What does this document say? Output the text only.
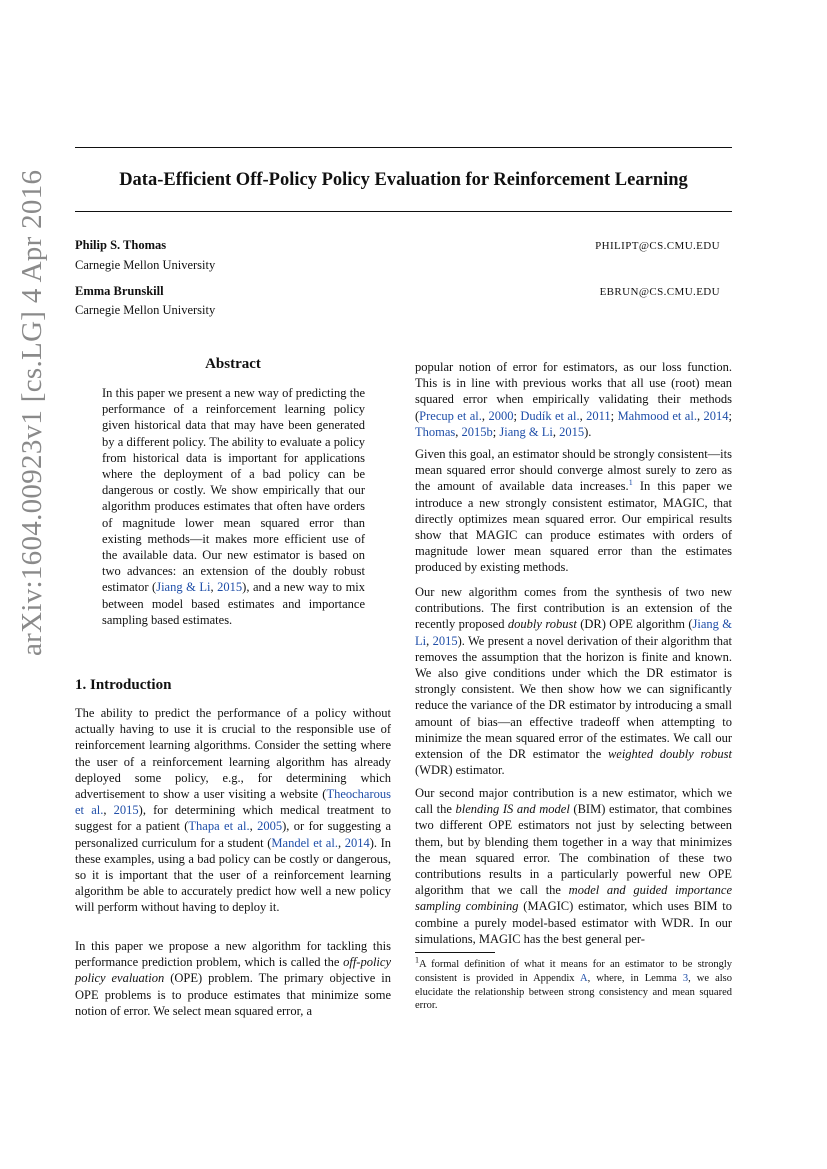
arXiv:1604.00923v1 [cs.LG] 4 Apr 2016	Data-Efficient Off-Policy Policy Evaluation for Reinforcement Learning
Philip S. Thomas
Carnegie Mellon University
PHILIPT@CS.CMU.EDU
Emma Brunskill
Carnegie Mellon University
EBRUN@CS.CMU.EDU
Abstract

In this paper we present a new way of predicting the performance of a reinforcement learning policy given historical data that may have been generated by a different policy. The ability to evaluate a policy from historical data is important for applications where the deployment of a bad policy can be dangerous or costly. We show empirically that our algorithm produces estimates that often have orders of magnitude lower mean squared error than existing methods—it makes more efficient use of the available data. Our new estimator is based on two advances: an extension of the doubly robust estimator (Jiang & Li, 2015), and a new way to mix between model based estimates and importance sampling based estimates.

1. Introduction

The ability to predict the performance of a policy without actually having to use it is crucial to the responsible use of reinforcement learning algorithms. Consider the setting where the user of a reinforcement learning algorithm has already deployed some policy, e.g., for determining which advertisement to show a user visiting a website (Theocharous et al., 2015), for determining which medical treatment to suggest for a patient (Thapa et al., 2005), or for suggesting a personalized curriculum for a student (Mandel et al., 2014). In these examples, using a bad policy can be costly or dangerous, so it is important that the user of a reinforcement learning algorithm be able to accurately predict how well a new policy will perform without having to deploy it.

In this paper we propose a new algorithm for tackling this performance prediction problem, which is called the off-policy policy evaluation (OPE) problem. The primary objective in OPE problems is to produce estimates that minimize some notion of error. We select mean squared error, a

popular notion of error for estimators, as our loss function. This is in line with previous works that all use (root) mean squared error when empirically validating their methods (Precup et al., 2000; Dudík et al., 2011; Mahmood et al., 2014; Thomas, 2015b; Jiang & Li, 2015).

Given this goal, an estimator should be strongly consistent—its mean squared error should converge almost surely to zero as the amount of available data increases.$^1$ In this paper we introduce a new strongly consistent estimator, MAGIC, that directly optimizes mean squared error. Our empirical results show that MAGIC can produce estimates with orders of magnitude lower mean squared error than the estimates produced by existing methods.

Our new algorithm comes from the synthesis of two new contributions. The first contribution is an extension of the recently proposed doubly robust (DR) OPE algorithm (Jiang & Li, 2015). We present a novel derivation of their algorithm that removes the assumption that the horizon is finite and known. We also give conditions under which the DR estimator is strongly consistent. We then show how we can significantly reduce the variance of the DR estimator by introducing a small amount of bias—an effective tradeoff when attempting to minimize the mean squared error of the estimates. We call our extension of the DR estimator the weighted doubly robust (WDR) estimator.

Our second major contribution is a new estimator, which we call the blending IS and model (BIM) estimator, that combines two different OPE estimators not just by selecting between them, but by blending them together in a way that minimizes the mean squared error. The combination of these two contributions results in a particularly powerful new OPE algorithm that we call the model and guided importance sampling combining (MAGIC) estimator, which uses BIM to combine a purely model-based estimator with WDR. In our simulations, MAGIC has the best general per-

$^1$A formal definition of what it means for an estimator to be strongly consistent is provided in Appendix A, where, in Lemma 3, we also elucidate the relationship between strong consistency and mean squared error.
